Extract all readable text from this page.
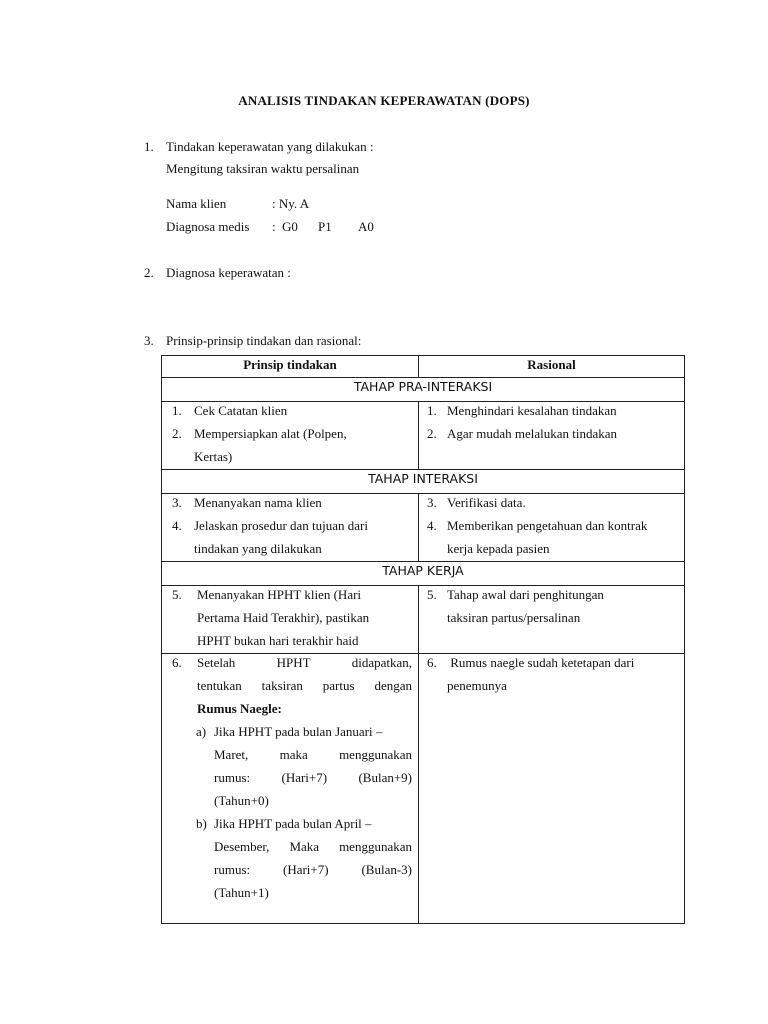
ANALISIS TINDAKAN KEPERAWATAN (DOPS)
1. Tindakan keperawatan yang dilakukan :
Mengitung taksiran waktu persalinan
Nama klien	: Ny. A
Diagnosa medis : G0 P1 A0
2. Diagnosa keperawatan :
3. Prinsip-prinsip tindakan dan rasional:
Prinsip tindakan	Rasional
TAHAP PRA-INTERAKSI
TAHAP INTERAKSI
TAHAP KERJA
1. Cek Catatan klien
2. Mempersiapkan alat (Polpen,
Kertas)
1. Menghindari kesalahan tindakan
2. Agar mudah melalukan tindakan
3. Menanyakan nama klien
4. Jelaskan prosedur dan tujuan dari
tindakan yang dilakukan
3. Verifikasi data.
4. Memberikan pengetahuan dan kontrak
kerja kepada pasien
5. Menanyakan HPHT klien (Hari
Pertama Haid Terakhir), pastikan
HPHT bukan hari terakhir haid
5. Tahap awal dari penghitungan
taksiran partus/persalinan
6. Setelah HPHT didapatkan,
tentukan taksiran partus dengan
Rumus Naegle:
a) Jika HPHT pada bulan Januari –
Maret, maka menggunakan
rumus: (Hari+7) (Bulan+9)
(Tahun+0)
b) Jika HPHT pada bulan April –
Desember, Maka menggunakan
rumus: (Hari+7) (Bulan-3)
(Tahun+1)
6. Rumus naegle sudah ketetapan dari
penemunya
